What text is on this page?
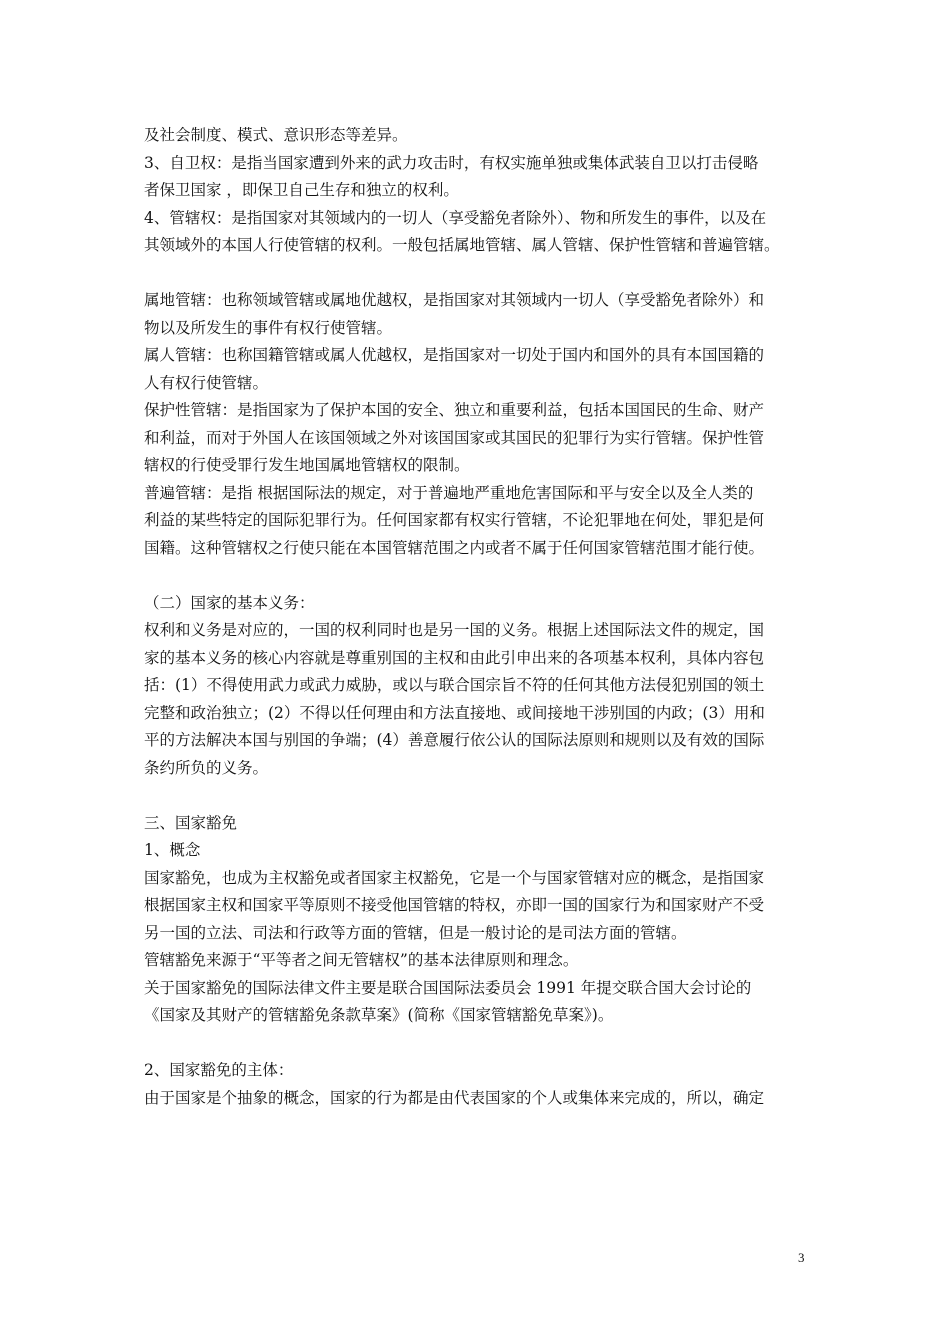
及社会制度、模式、意识形态等差异。
3、自卫权：是指当国家遭到外来的武力攻击时，有权实施单独或集体武装自卫以打击侵略
者保卫国家 ，即保卫自己生存和独立的权利。
4、管辖权：是指国家对其领域内的一切人（享受豁免者除外）、物和所发生的事件，以及在
其领域外的本国人行使管辖的权利。一般包括属地管辖、属人管辖、保护性管辖和普遍管辖。
属地管辖：也称领域管辖或属地优越权，是指国家对其领域内一切人（享受豁免者除外）和
物以及所发生的事件有权行使管辖。
属人管辖：也称国籍管辖或属人优越权，是指国家对一切处于国内和国外的具有本国国籍的
人有权行使管辖。
保护性管辖：是指国家为了保护本国的安全、独立和重要利益，包括本国国民的生命、财产
和利益，而对于外国人在该国领域之外对该国国家或其国民的犯罪行为实行管辖。保护性管
辖权的行使受罪行发生地国属地管辖权的限制。
普遍管辖：是指 根据国际法的规定，对于普遍地严重地危害国际和平与安全以及全人类的
利益的某些特定的国际犯罪行为。任何国家都有权实行管辖，不论犯罪地在何处，罪犯是何
国籍。这种管辖权之行使只能在本国管辖范围之内或者不属于任何国家管辖范围才能行使。
（二）国家的基本义务：
权利和义务是对应的，一国的权利同时也是另一国的义务。根据上述国际法文件的规定，国
家的基本义务的核心内容就是尊重别国的主权和由此引申出来的各项基本权利，具体内容包
括：(1）不得使用武力或武力威胁，或以与联合国宗旨不符的任何其他方法侵犯别国的领土
完整和政治独立；(2）不得以任何理由和方法直接地、或间接地干涉别国的内政；(3）用和
平的方法解决本国与别国的争端；(4）善意履行依公认的国际法原则和规则以及有效的国际
条约所负的义务。
三、国家豁免
1、概念
国家豁免，也成为主权豁免或者国家主权豁免，它是一个与国家管辖对应的概念，是指国家
根据国家主权和国家平等原则不接受他国管辖的特权，亦即一国的国家行为和国家财产不受
另一国的立法、司法和行政等方面的管辖，但是一般讨论的是司法方面的管辖。
管辖豁免来源于“平等者之间无管辖权”的基本法律原则和理念。
关于国家豁免的国际法律文件主要是联合国国际法委员会 1991 年提交联合国大会讨论的
《国家及其财产的管辖豁免条款草案》(简称《国家管辖豁免草案》)。
2、国家豁免的主体：
由于国家是个抽象的概念，国家的行为都是由代表国家的个人或集体来完成的，所以，确定
3
